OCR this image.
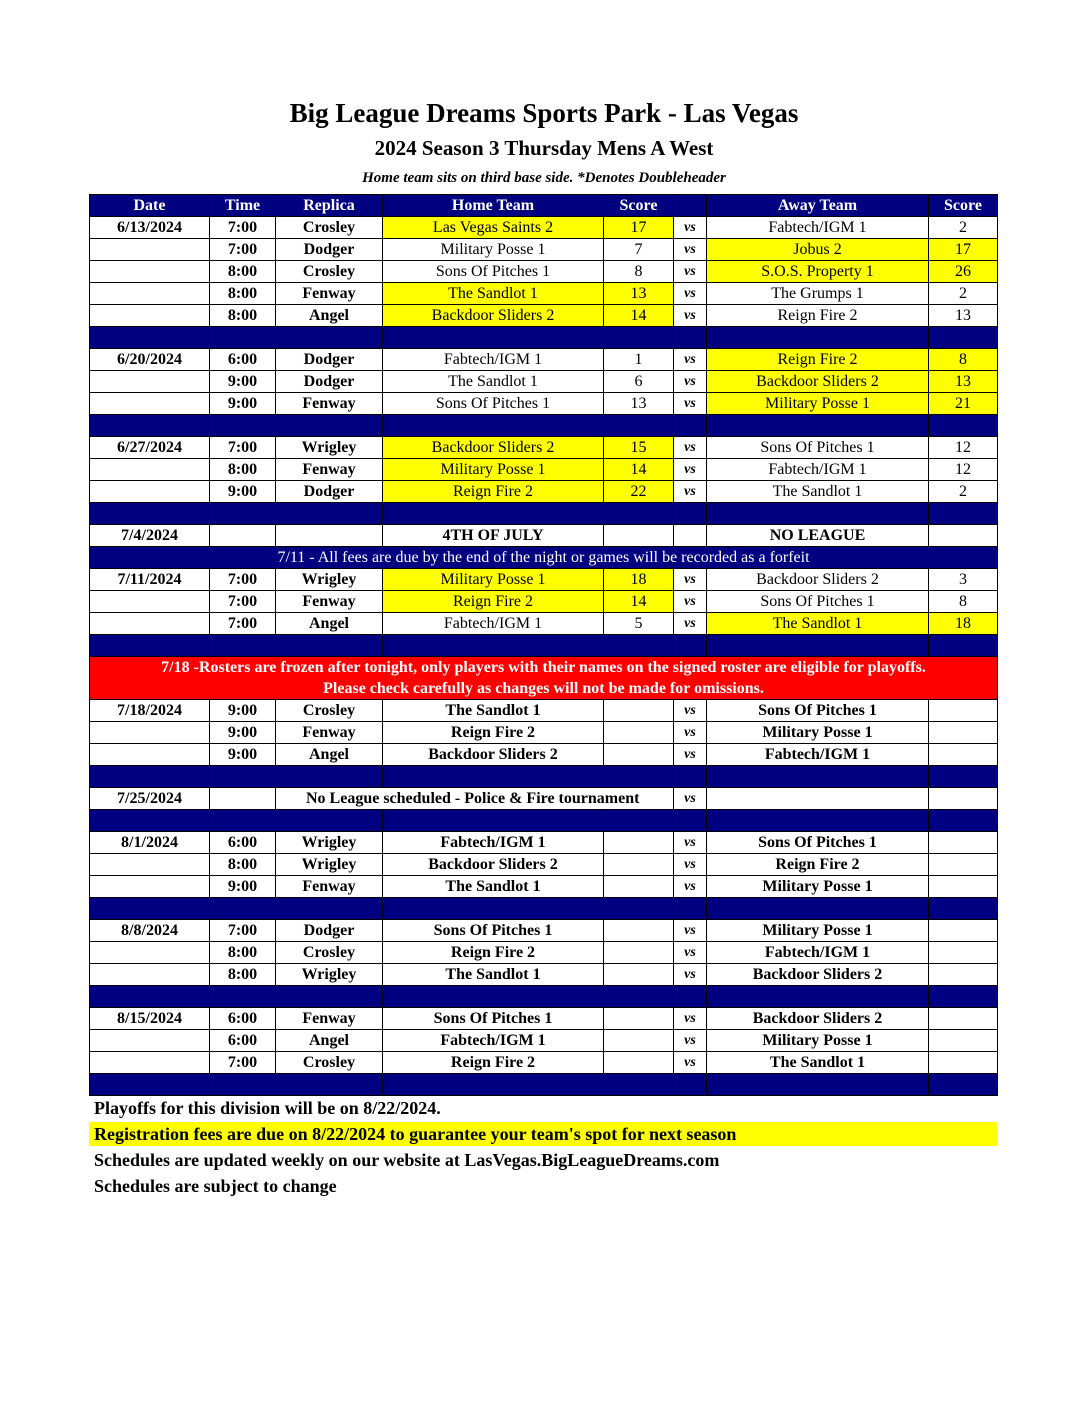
Big League Dreams Sports Park - Las Vegas
2024 Season 3 Thursday Mens A West
Home team sits on third base side. *Denotes Doubleheader
Date	Time	Replica	Home Team	Score		Away Team	Score
6/13/2024	7:00	Crosley	Las Vegas Saints 2	17	vs	Fabtech/IGM 1	2
	7:00	Dodger	Military Posse 1	7	vs	Jobus 2	17
	8:00	Crosley	Sons Of Pitches 1	8	vs	S.O.S. Property 1	26
	8:00	Fenway	The Sandlot 1	13	vs	The Grumps 1	2
	8:00	Angel	Backdoor Sliders 2	14	vs	Reign Fire 2	13

6/20/2024	6:00	Dodger	Fabtech/IGM 1	1	vs	Reign Fire 2	8
	9:00	Dodger	The Sandlot 1	6	vs	Backdoor Sliders 2	13
	9:00	Fenway	Sons Of Pitches 1	13	vs	Military Posse 1	21

6/27/2024	7:00	Wrigley	Backdoor Sliders 2	15	vs	Sons Of Pitches 1	12
	8:00	Fenway	Military Posse 1	14	vs	Fabtech/IGM 1	12
	9:00	Dodger	Reign Fire 2	22	vs	The Sandlot 1	2

7/4/2024			4TH OF JULY			NO LEAGUE	
7/11 - All fees are due by the end of the night or games will be recorded as a forfeit							
7/11/2024	7:00	Wrigley	Military Posse 1	18	vs	Backdoor Sliders 2	3
	7:00	Fenway	Reign Fire 2	14	vs	Sons Of Pitches 1	8
	7:00	Angel	Fabtech/IGM 1	5	vs	The Sandlot 1	18

7/18 -Rosters are frozen after tonight, only players with their names on the signed roster are eligible for playoffs.
Please check carefully as changes will not be made for omissions.							

7/18/2024	9:00	Crosley	The Sandlot 1		vs	Sons Of Pitches 1	
	9:00	Fenway	Reign Fire 2		vs	Military Posse 1	
	9:00	Angel	Backdoor Sliders 2		vs	Fabtech/IGM 1	

7/25/2024		No League scheduled - Police & Fire tournament			vs		

8/1/2024	6:00	Wrigley	Fabtech/IGM 1		vs	Sons Of Pitches 1	
	8:00	Wrigley	Backdoor Sliders 2		vs	Reign Fire 2	
	9:00	Fenway	The Sandlot 1		vs	Military Posse 1	

8/8/2024	7:00	Dodger	Sons Of Pitches 1		vs	Military Posse 1	
	8:00	Crosley	Reign Fire 2		vs	Fabtech/IGM 1	
	8:00	Wrigley	The Sandlot 1		vs	Backdoor Sliders 2	

8/15/2024	6:00	Fenway	Sons Of Pitches 1		vs	Backdoor Sliders 2	
	6:00	Angel	Fabtech/IGM 1		vs	Military Posse 1	
	7:00	Crosley	Reign Fire 2		vs	The Sandlot 1	

Playoffs for this division will be on 8/22/2024.
Registration fees are due on 8/22/2024 to guarantee your team's spot for next season
Schedules are updated weekly on our website at LasVegas.BigLeagueDreams.com
Schedules are subject to change
